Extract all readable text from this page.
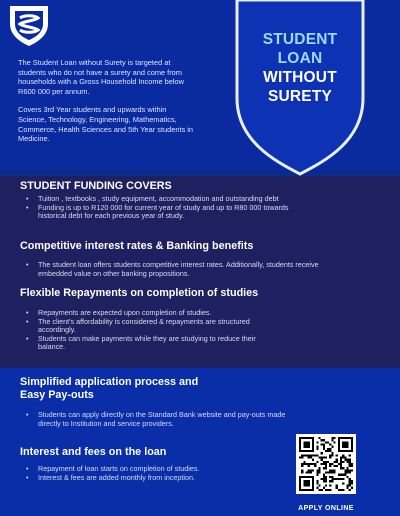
The Student Loan without Surety is targeted at students who do not have a surety and come from households with a Gross Household Income below R600 000 per annum.

Covers 3rd Year students and upwards within Science, Technology, Engineering, Mathematics, Commerce, Health Sciences and 5th Year students in Medicine.

STUDENT
LOAN
WITHOUT
SURETY
STUDENT FUNDING COVERS
• Tuition , textbooks , study equipment, accommodation and outstanding debt
• Funding is up to R120 000 for current year of study and up to R80 000 towards historical debt for each previous year of study.
Competitive interest rates & Banking benefits
• The student loan offers students competitive interest rates. Additionally, students receive embedded value on other banking propositions.
Flexible Repayments on completion of studies
• Repayments are expected upon completion of studies.
• The client's affordability is considered & repayments are structured accordingly.
• Students can make payments while they are studying to reduce their balance.
Simplified application process and
Easy Pay-outs
• Students can apply directly on the Standard Bank website and pay-outs made directly to Institution and service providers.
Interest and fees on the loan
• Repayment of loan starts on completion of studies.
• Interest & fees are added monthly from inception.
APPLY ONLINE
